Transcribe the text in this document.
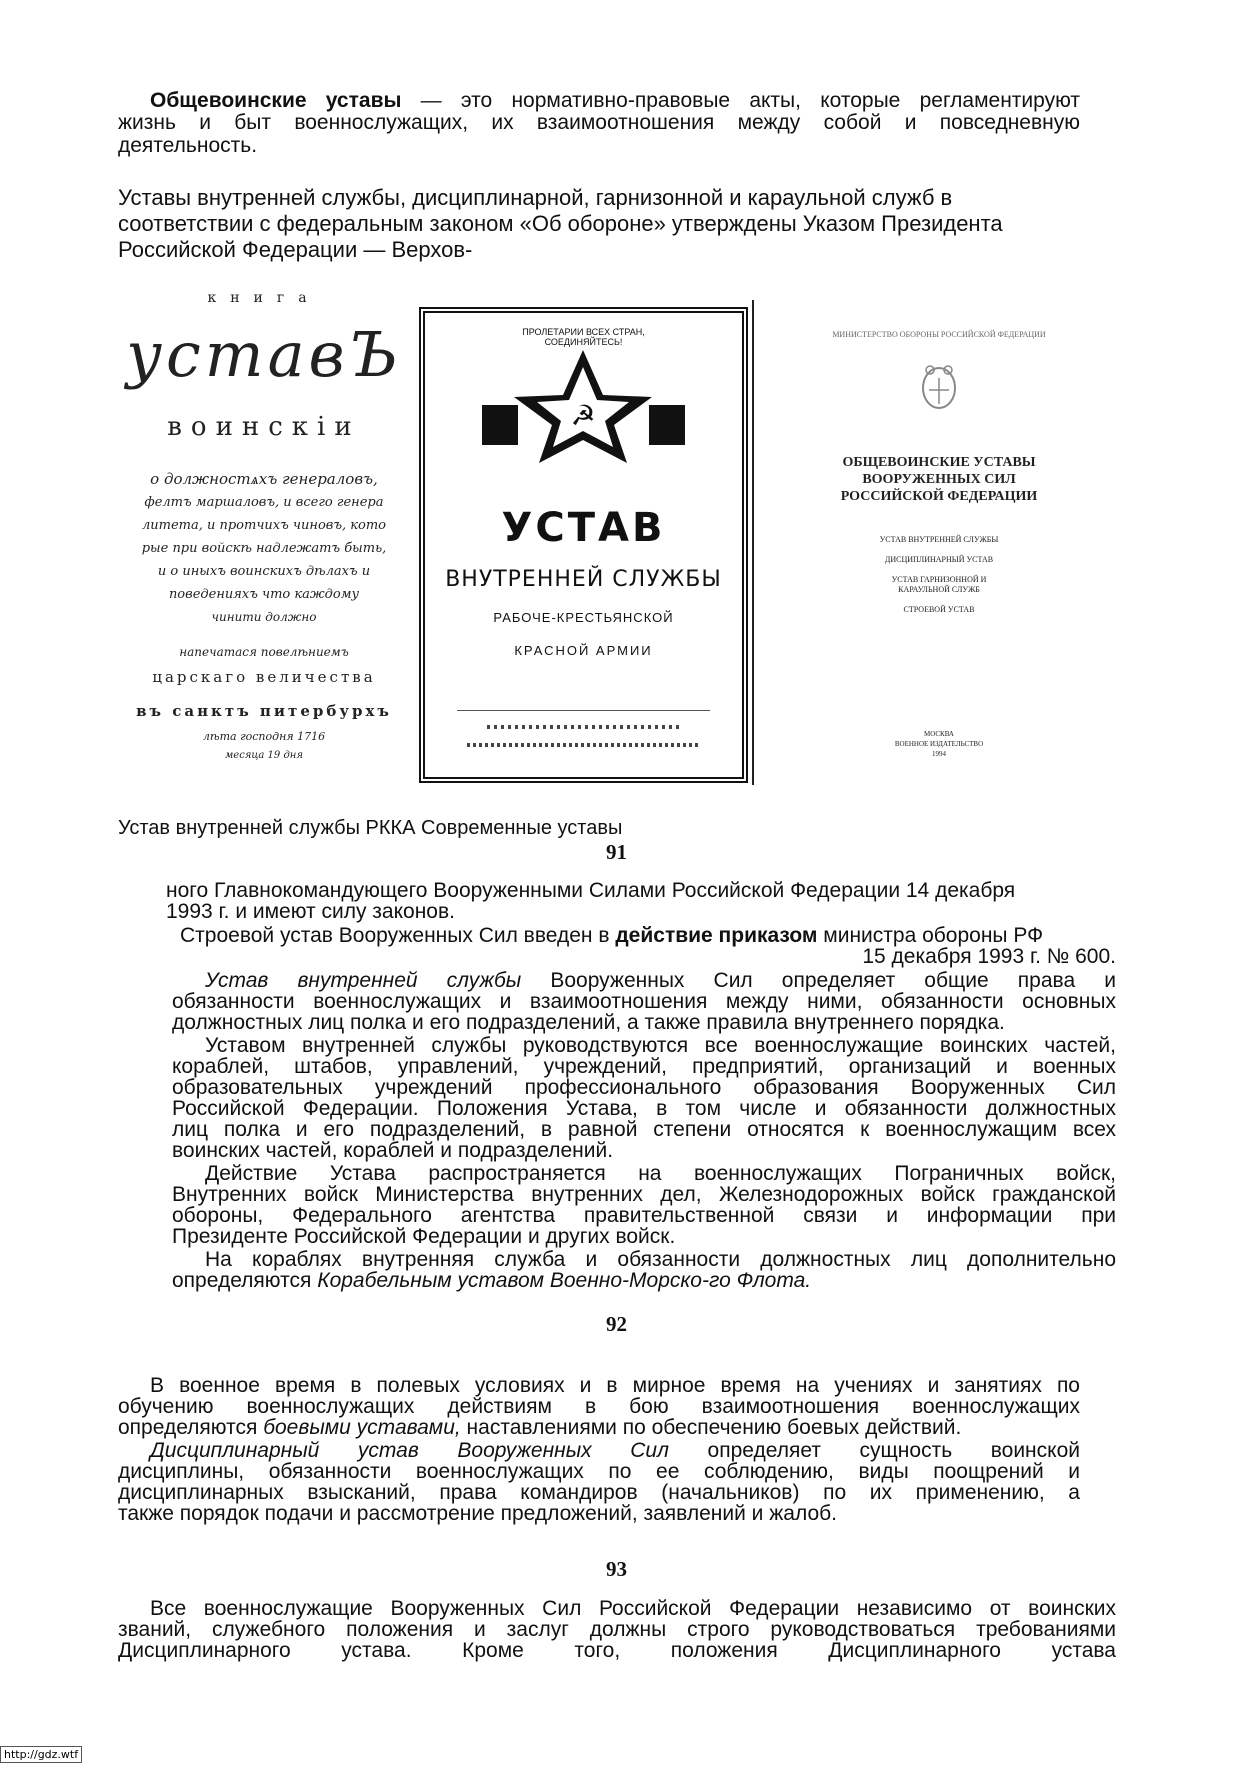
Общевоинские уставы — это нормативно-правовые акты, которые регламентируют

жизнь и быт военнослужащих, их взаимоотношения между собой и повседневную

деятельность.

Уставы внутренней службы, дисциплинарной, гарнизонной и караульной служб в

соответствии с федеральным законом «Об обороне» утверждены Указом Президента

Российской Федерации — Верхов-

книга
уставЪ
воинскiи
о должностѧхъ генераловъ,
фелтъ маршаловъ, и всего генера
литета, и протчихъ чиновъ, кото
рые при войскѣ надлежатъ быть,
и о иныхъ воинскихъ дѣлахъ и
поведенияхъ что каждому
чинити должно
напечатася повелѣниемъ
царскаго величества
въ санктъ питербурхъ
лѣта господня 1716
месяца 19 дня
ПРОЛЕТАРИИ ВСЕХ СТРАН, СОЕДИНЯЙТЕСЬ!
☭
УСТАВ
ВНУТРЕННЕЙ СЛУЖБЫ
РАБОЧЕ-КРЕСТЬЯНСКОЙ
КРАСНОЙ АРМИИ
МИНИСТЕРСТВО ОБОРОНЫ РОССИЙСКОЙ ФЕДЕРАЦИИ
ОБЩЕВОИНСКИЕ УСТАВЫ
ВООРУЖЕННЫХ СИЛ
РОССИЙСКОЙ ФЕДЕРАЦИИ
УСТАВ ВНУТРЕННЕЙ СЛУЖБЫ
ДИСЦИПЛИНАРНЫЙ УСТАВ
УСТАВ ГАРНИЗОННОЙ И
КАРАУЛЬНОЙ СЛУЖБ
СТРОЕВОЙ УСТАВ
МОСКВА
ВОЕННОЕ ИЗДАТЕЛЬСТВО
1994

Устав внутренней службы РККА Современные уставы

91

ного Главнокомандующего Вооруженными Силами Российской Федерации 14 декабря

1993 г. и имеют силу законов.

Строевой устав Вооруженных Сил введен в действие приказом министра обороны РФ

15 декабря 1993 г. № 600.

Устав внутренней службы Вооруженных Сил определяет общие права и

обязанности военнослужащих и взаимоотношения между ними, обязанности основных

должностных лиц полка и его подразделений, а также правила внутреннего порядка.

Уставом внутренней службы руководствуются все военнослужащие воинских частей,

кораблей, штабов, управлений, учреждений, предприятий, организаций и военных

образовательных учреждений профессионального образования Вооруженных Сил

Российской Федерации. Положения Устава, в том числе и обязанности должностных

лиц полка и его подразделений, в равной степени относятся к военнослужащим всех

воинских частей, кораблей и подразделений.

Действие Устава распространяется на военнослужащих Пограничных войск,

Внутренних войск Министерства внутренних дел, Железнодорожных войск гражданской

обороны, Федерального агентства правительственной связи и информации при

Президенте Российской Федерации и других войск.

На кораблях внутренняя служба и обязанности должностных лиц дополнительно

определяются Корабельным уставом Военно-Морско-го Флота.

92

В военное время в полевых условиях и в мирное время на учениях и занятиях по

обучению военнослужащих действиям в бою взаимоотношения военнослужащих

определяются боевыми уставами, наставлениями по обеспечению боевых действий.

Дисциплинарный устав Вооруженных Сил определяет сущность воинской

дисциплины, обязанности военнослужащих по ее соблюдению, виды поощрений и

дисциплинарных взысканий, права командиров (начальников) по их применению, а

также порядок подачи и рассмотрение предложений, заявлений и жалоб.

93

Все военнослужащие Вооруженных Сил Российской Федерации независимо от воинских

званий, служебного положения и заслуг должны строго руководствоваться требованиями

Дисциплинарного устава. Кроме того, положения Дисциплинарного устава

http://gdz.wtf
